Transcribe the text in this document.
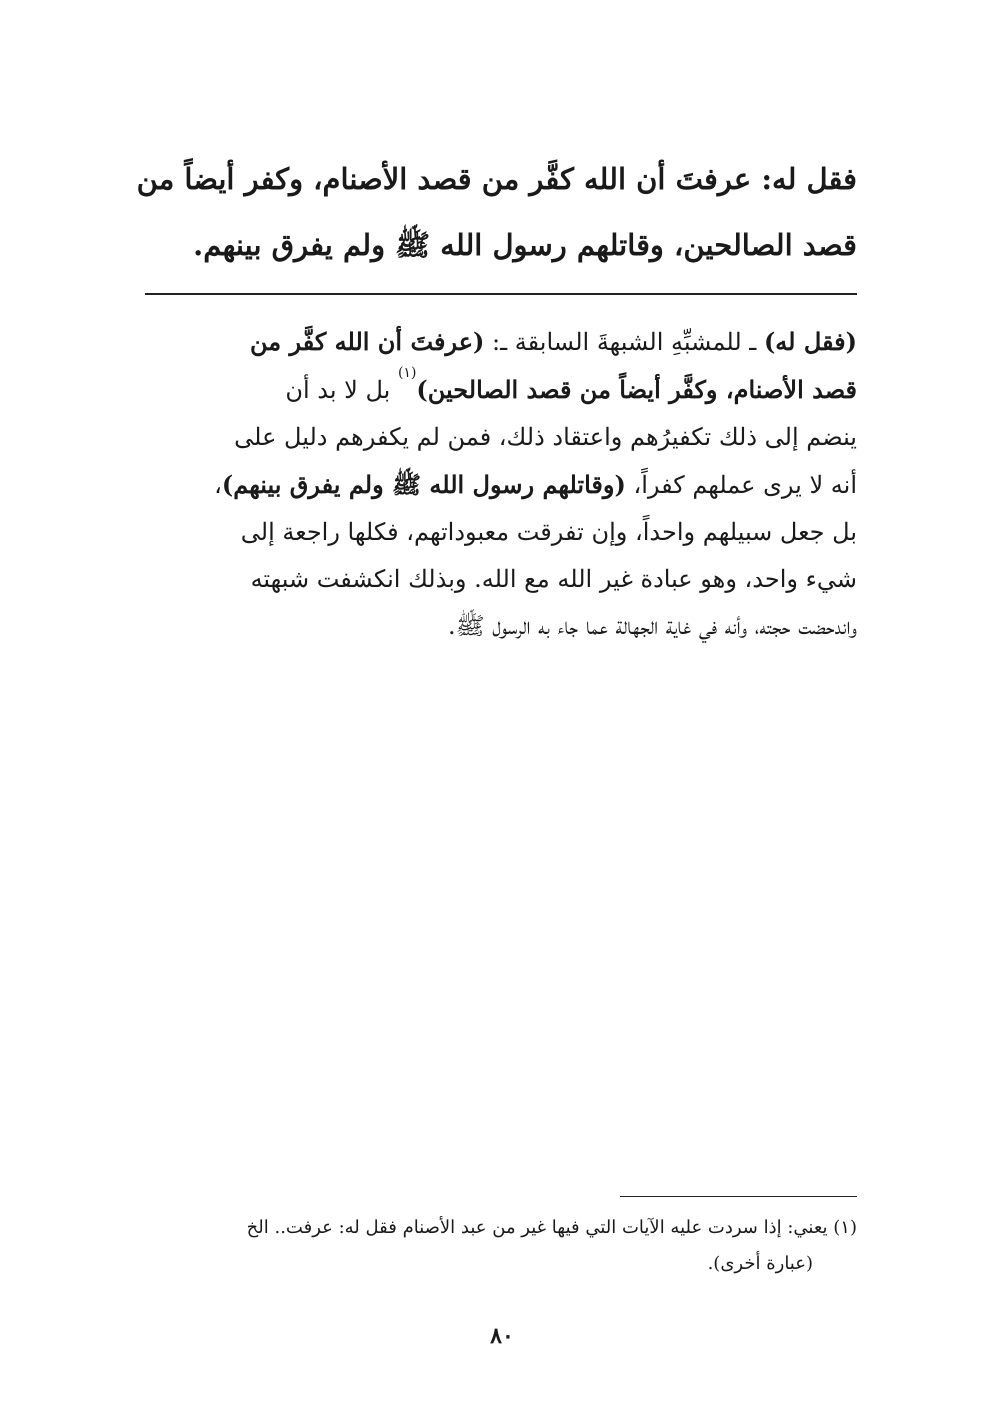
فقل له: عرفتَ أن الله كفَّر من قصد الأصنام، وكفر أيضاً من
قصد الصالحين، وقاتلهم رسول الله ﷺ ولم يفرق بينهم.
(فقل له) ـ للمشبِّهِ الشبهةَ السابقة ـ: (عرفتَ أن الله كفَّر من
قصد الأصنام، وكفَّر أيضاً من قصد الصالحين)$^{(١)}$ بل لا بد أن
ينضم إلى ذلك تكفيرُهم واعتقاد ذلك، فمن لم يكفرهم دليل على
أنه لا يرى عملهم كفراً، (وقاتلهم رسول الله ﷺ ولم يفرق بينهم)،
بل جعل سبيلهم واحداً، وإن تفرقت معبوداتهم، فكلها راجعة إلى
شيء واحد، وهو عبادة غير الله مع الله. وبذلك انكشفت شبهته
واندحضت حجته، وأنه في غاية الجهالة عما جاء به الرسول ﷺ.
(١) يعني: إذا سردت عليه الآيات التي فيها غير من عبد الأصنام فقل له: عرفت.. الخ
(عبارة أخرى).
٨٠
